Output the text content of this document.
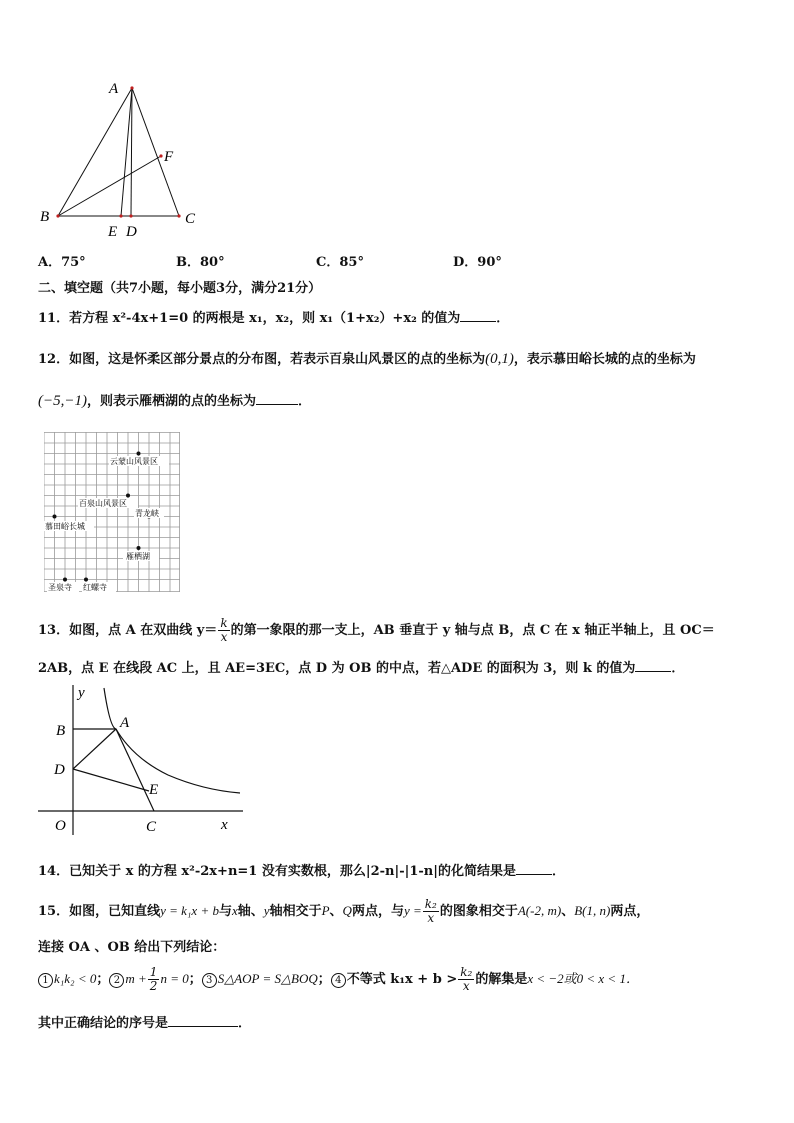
A
F
B	C
E D
A．75°	B．80°	C．85°	D．90°
二、填空题（共7小题，每小题3分，满分21分）
11．若方程 x²-4x+1=0 的两根是 x₁，x₂，则 x₁（1+x₂）+x₂ 的值为	．
12．如图，这是怀柔区部分景点的分布图，若表示百泉山风景区的点的坐标为(0,1)，表示慕田峪长城的点的坐标为
(−5,−1)，则表示雁栖湖的点的坐标为	．
云蒙山风景区
百泉山风景区
青龙峡
慕田峪长城
雁栖湖
圣泉寺 红螺寺
13．如图，点 A 在双曲线 $y= \frac{k}{x}$ 的第一象限的那一支上，AB 垂直于 y 轴与点 B，点 C 在 x 轴正半轴上，且 OC＝
2AB，点 E 在线段 AC 上，且 AE=3EC，点 D 为 OB 的中点，若△ADE 的面积为 3，则 k 的值为	．
y
B	A
D
E
O	C	x
14．已知关于 x 的方程 x²-2x+n=1 没有实数根，那么|2-n|-|1-n|的化简结果是	．
15．如图，已知直线y = k₁x + b与x轴、y轴相交于P、Q两点，与$y = \frac{\text{k₂}}{x}$ 的图象相交于A(-2, m)、B(1, n)两点，
连接 OA 、OB 给出下列结论：
1 k₁k₂ < 0； 2 $m + \frac{1}{2}$ n = 0； 3 S△AOP = S△BOQ； 4 不等式 $k_1x + b > \frac{\text{k₂}}{x}$ 的解集是x < −2或0 < x < 1．
其中正确结论的序号是	．
